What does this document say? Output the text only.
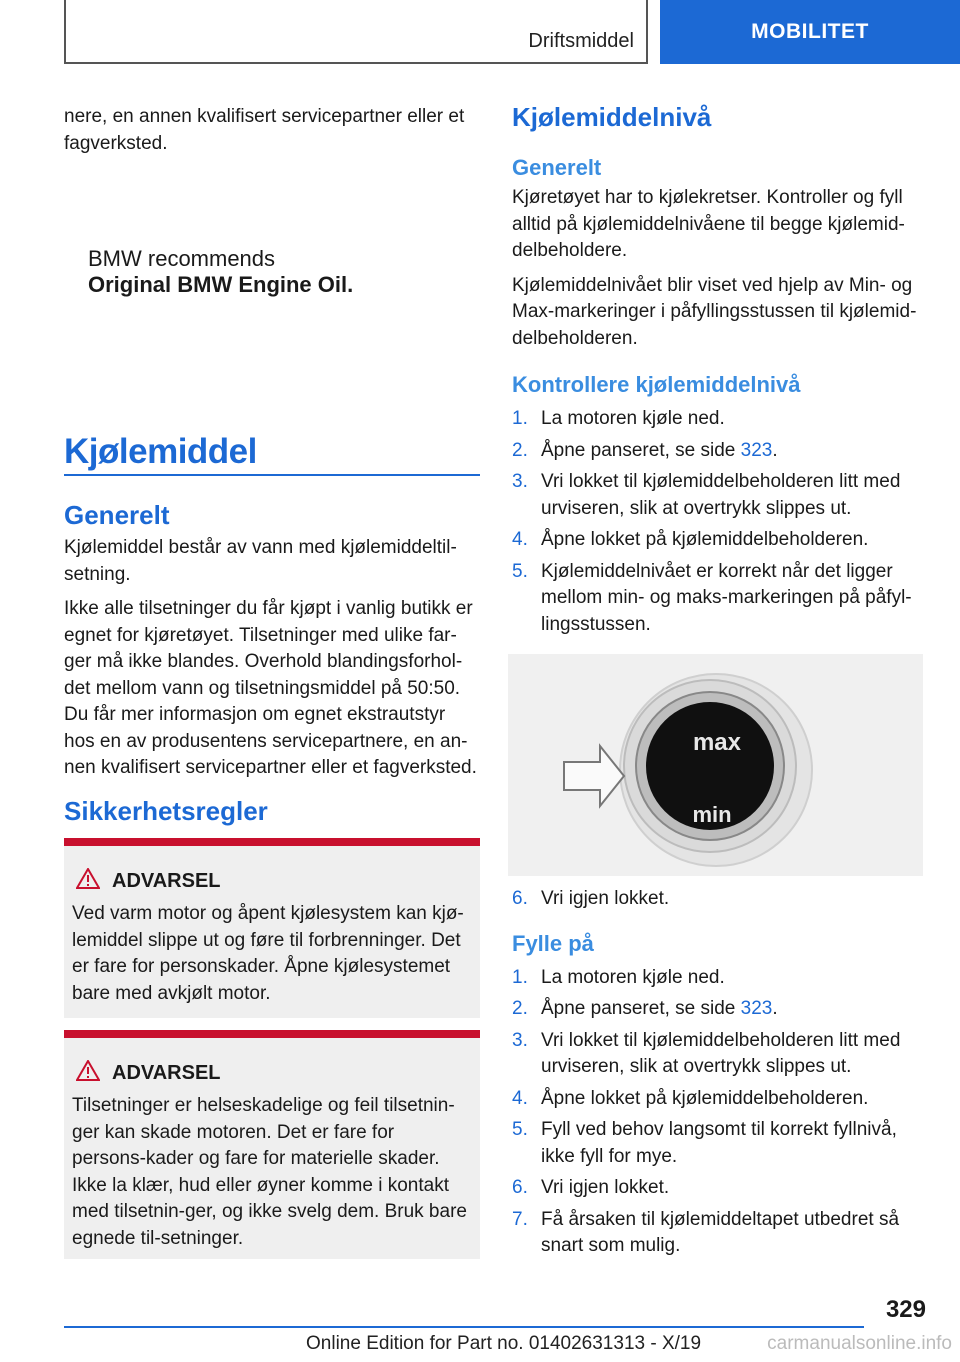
Driftsmiddel	MOBILITET

nere, en annen kvalifisert servicepartner eller et fagverksted.

BMW recommends
Original BMW Engine Oil.
Kjølemiddel
Generelt

Kjølemiddel består av vann med kjølemiddeltil-setning.

Ikke alle tilsetninger du får kjøpt i vanlig butikk er egnet for kjøretøyet. Tilsetninger med ulike far-ger må ikke blandes. Overhold blandingsforhol-det mellom vann og tilsetningsmiddel på 50:50. Du får mer informasjon om egnet ekstrautstyr hos en av produsentens servicepartnere, en an-nen kvalifisert servicepartner eller et fagverksted.

Sikkerhetsregler
ADVARSEL

Ved varm motor og åpent kjølesystem kan kjø-lemiddel slippe ut og føre til forbrenninger. Det er fare for personskader. Åpne kjølesystemet bare med avkjølt motor.

ADVARSEL

Tilsetninger er helseskadelige og feil tilsetnin-ger kan skade motoren. Det er fare for persons-kader og fare for materielle skader. Ikke la klær, hud eller øyner komme i kontakt med tilsetnin-ger, og ikke svelg dem. Bruk bare egnede til-setninger.

Kjølemiddelnivå
Generelt

Kjøretøyet har to kjølekretser. Kontroller og fyll alltid på kjølemiddelnivåene til begge kjølemid-delbeholdere.

Kjølemiddelnivået blir viset ved hjelp av Min- og Max-markeringer i påfyllingsstussen til kjølemid-delbeholderen.

Kontrollere kjølemiddelnivå
1. La motoren kjøle ned.
2. Åpne panseret, se side 323.
3. Vri lokket til kjølemiddelbeholderen litt med urviseren, slik at overtrykk slippes ut.
4. Åpne lokket på kjølemiddelbeholderen.
5. Kjølemiddelnivået er korrekt når det ligger mellom min- og maks-markeringen på påfyl-lingsstussen.
max
min
6. Vri igjen lokket.
Fylle på
1. La motoren kjøle ned.
2. Åpne panseret, se side 323.
3. Vri lokket til kjølemiddelbeholderen litt med urviseren, slik at overtrykk slippes ut.
4. Åpne lokket på kjølemiddelbeholderen.
5. Fyll ved behov langsomt til korrekt fyllnivå, ikke fyll for mye.
6. Vri igjen lokket.
7. Få årsaken til kjølemiddeltapet utbedret så snart som mulig.
329
Online Edition for Part no. 01402631313 - X/19	carmanualsonline.info
